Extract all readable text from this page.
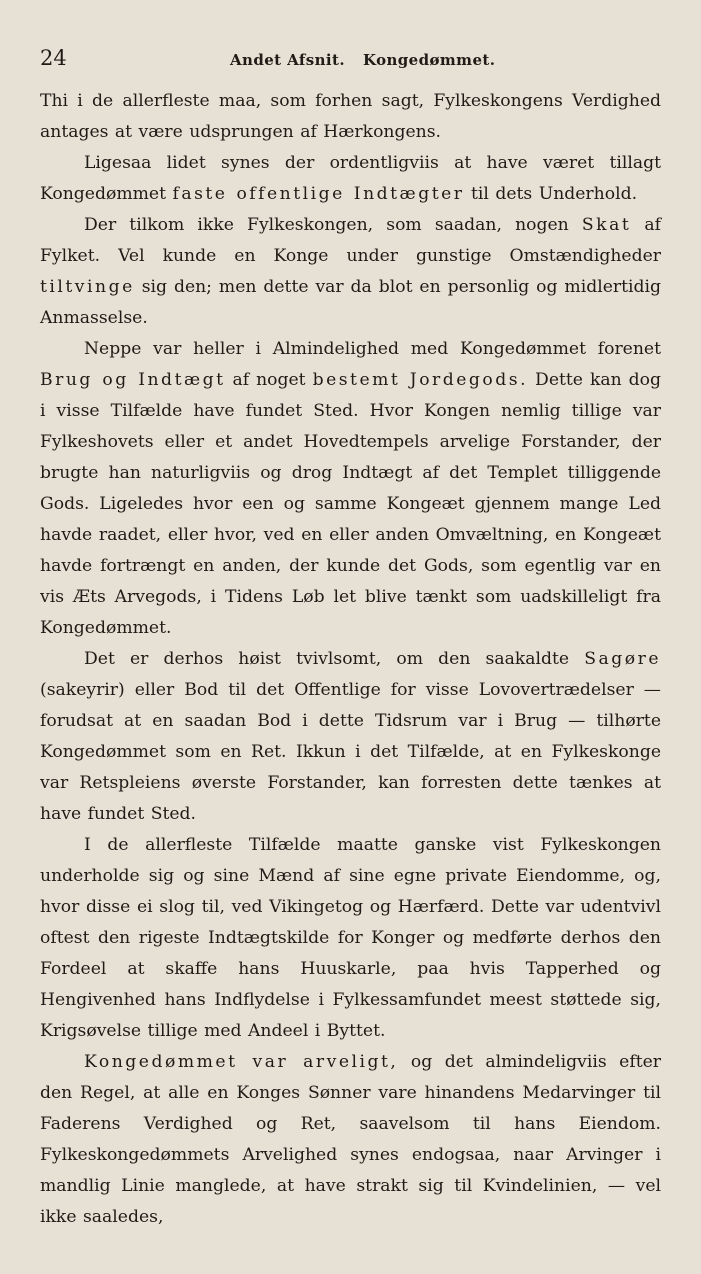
24	Andet Afsnit. Kongedømmet.

Thi i de allerfleste maa, som forhen sagt, Fylkeskongens Verdighed antages at være udsprungen af Hærkongens.

Ligesaa lidet synes der ordentligviis at have været tillagt Kongedømmet faste offentlige Indtægter til dets Underhold.

Der tilkom ikke Fylkeskongen, som saadan, nogen Skat af Fylket. Vel kunde en Konge under gunstige Omstændigheder tiltvinge sig den; men dette var da blot en personlig og midlertidig Anmasselse.

Neppe var heller i Almindelighed med Kongedømmet forenet Brug og Indtægt af noget bestemt Jordegods. Dette kan dog i visse Tilfælde have fundet Sted. Hvor Kongen nemlig tillige var Fylkeshovets eller et andet Hovedtempels arvelige Forstander, der brugte han naturligviis og drog Indtægt af det Templet tilliggende Gods. Ligeledes hvor een og samme Kongeæt gjennem mange Led havde raadet, eller hvor, ved en eller anden Omvæltning, en Kongeæt havde fortrængt en anden, der kunde det Gods, som egentlig var en vis Æts Arvegods, i Tidens Løb let blive tænkt som uadskilleligt fra Kongedømmet.

Det er derhos høist tvivlsomt, om den saakaldte Sagøre (sakeyrir) eller Bod til det Offentlige for visse Lovovertrædelser — forudsat at en saadan Bod i dette Tidsrum var i Brug — tilhørte Kongedømmet som en Ret. Ikkun i det Tilfælde, at en Fylkeskonge var Retspleiens øverste Forstander, kan forresten dette tænkes at have fundet Sted.

I de allerfleste Tilfælde maatte ganske vist Fylkeskongen underholde sig og sine Mænd af sine egne private Eiendomme, og, hvor disse ei slog til, ved Vikingetog og Hærfærd. Dette var udentvivl oftest den rigeste Indtægtskilde for Konger og medførte derhos den Fordeel at skaffe hans Huuskarle, paa hvis Tapperhed og Hengivenhed hans Indflydelse i Fylkessamfundet meest støttede sig, Krigsøvelse tillige med Andeel i Byttet.

Kongedømmet var arveligt, og det almindeligviis efter den Regel, at alle en Konges Sønner vare hinandens Medarvinger til Faderens Verdighed og Ret, saavelsom til hans Eiendom. Fylkeskongedømmets Arvelighed synes endogsaa, naar Arvinger i mandlig Linie manglede, at have strakt sig til Kvindelinien, — vel ikke saaledes,
